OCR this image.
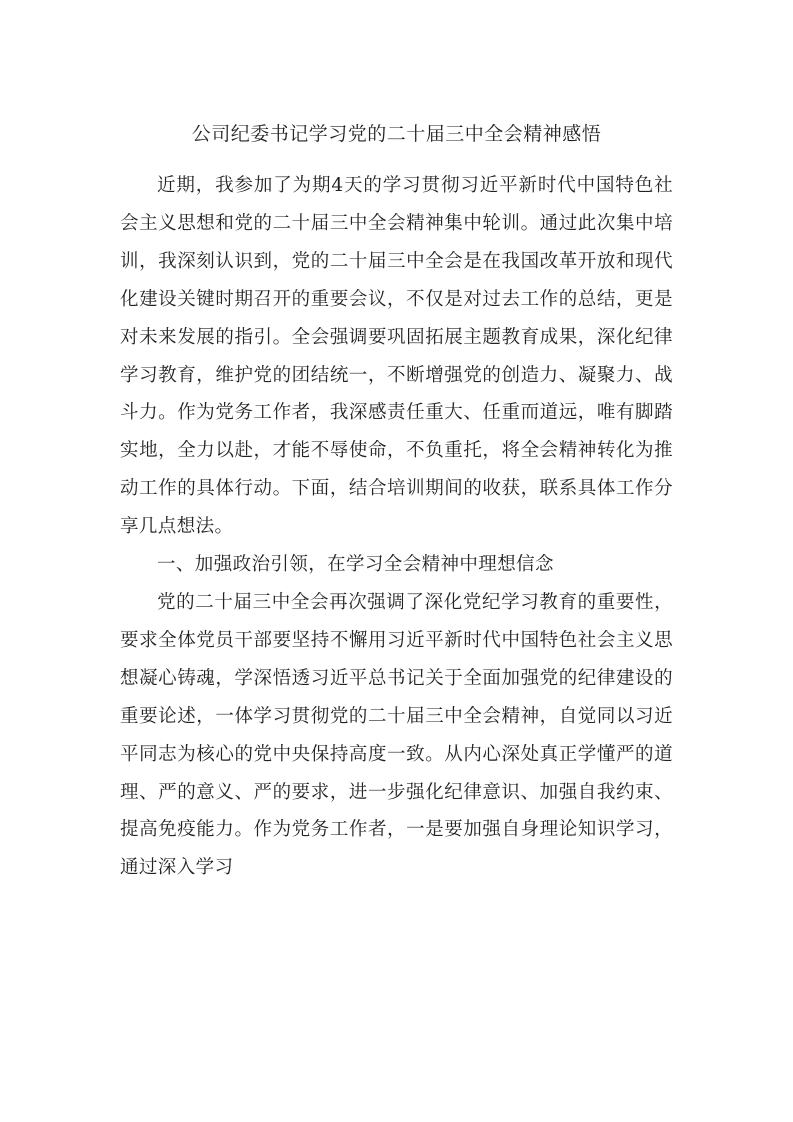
公司纪委书记学习党的二十届三中全会精神感悟

近期，我参加了为期4天的学习贯彻习近平新时代中国特色社会主义思想和党的二十届三中全会精神集中轮训。通过此次集中培训，我深刻认识到，党的二十届三中全会是在我国改革开放和现代化建设关键时期召开的重要会议，不仅是对过去工作的总结，更是对未来发展的指引。全会强调要巩固拓展主题教育成果，深化纪律学习教育，维护党的团结统一，不断增强党的创造力、凝聚力、战斗力。作为党务工作者，我深感责任重大、任重而道远，唯有脚踏实地，全力以赴，才能不辱使命，不负重托，将全会精神转化为推动工作的具体行动。下面，结合培训期间的收获，联系具体工作分享几点想法。

一、加强政治引领，在学习全会精神中理想信念

党的二十届三中全会再次强调了深化党纪学习教育的重要性，要求全体党员干部要坚持不懈用习近平新时代中国特色社会主义思想凝心铸魂，学深悟透习近平总书记关于全面加强党的纪律建设的重要论述，一体学习贯彻党的二十届三中全会精神，自觉同以习近平同志为核心的党中央保持高度一致。从内心深处真正学懂严的道理、严的意义、严的要求，进一步强化纪律意识、加强自我约束、提高免疫能力。作为党务工作者，一是要加强自身理论知识学习，通过深入学习
